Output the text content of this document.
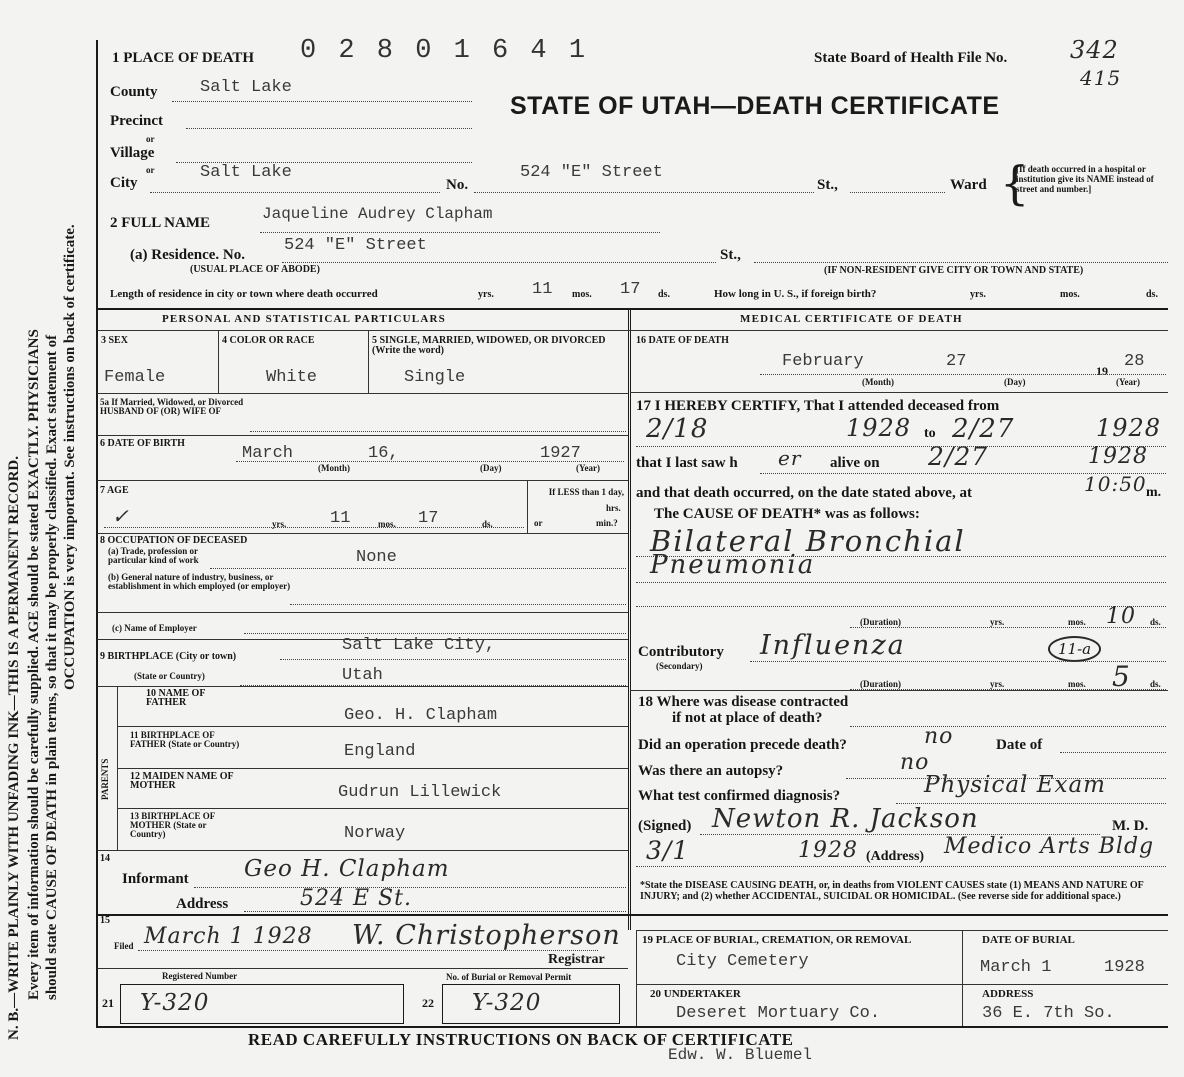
N. B.—WRITE PLAINLY WITH UNFADING INK—THIS IS A PERMANENT RECORD. Every item of information should be carefully supplied. AGE should be stated EXACTLY. PHYSICIANS should state CAUSE OF DEATH in plain terms, so that it may be properly classified. Exact statement of OCCUPATION is very important. See instructions on back of certificate.
1 PLACE OF DEATH 0 2 8 0 1 6 4 1	State Board of Health File No.	342
415
STATE OF UTAH—DEATH CERTIFICATE
County Salt Lake
Precinct
or
Village
or
City
Salt Lake
No.
524 "E" Street
St.,	Ward {
[If death occurred in a hospital or institution give its NAME instead of street and number.]
2 FULL NAME	Jaqueline Audrey Clapham
(a) Residence. No. 524 "E" Street	St.,
(USUAL PLACE OF ABODE)	(IF NON-RESIDENT GIVE CITY OR TOWN AND STATE)
Length of residence in city or town where death occurred	yrs. 11 mos. 17 ds.	How long in U. S., if foreign birth?	yrs.	mos.	ds.
PERSONAL AND STATISTICAL PARTICULARS	MEDICAL CERTIFICATE OF DEATH
3 SEX	4 COLOR OR RACE	5 SINGLE, MARRIED, WIDOWED, OR DIVORCED (Write the word)
Female	White	Single
5a If Married, Widowed, or Divorced HUSBAND OF (OR) WIFE OF
6 DATE OF BIRTH
March	16,	1927
(Month)	(Day)	(Year)
7 AGE
✓	yrs.	11	mos. 17	ds.
If LESS than 1 day,
hrs.
or	min.?
8 OCCUPATION OF DECEASED
(a) Trade, profession or particular kind of work	None
(b) General nature of industry, business, or establishment in which employed (or employer)
(c) Name of Employer
9 BIRTHPLACE (City or town)
Salt Lake City,
(State or Country)	Utah
PARENTS
10 NAME OF FATHER
Geo. H. Clapham
11 BIRTHPLACE OF FATHER (State or Country)	England
12 MAIDEN NAME OF MOTHER	Gudrun Lillewick
13 BIRTHPLACE OF MOTHER (State or Country)	Norway
14
Informant Geo H. Clapham
Address	524 E St.
15
Filed March 1 1928 W. Christopherson
Registrar
Registered Number	No. of Burial or Removal Permit
21 Y-320	22 Y-320
16 DATE OF DEATH
February	27	19 28
(Month)	(Day)	(Year)
17 I HEREBY CERTIFY, That I attended deceased from
2/18	1928 to 2/27	1928
that I last saw h er alive on 2/27	1928
and that death occurred, on the date stated above, at	10:50 m.
The CAUSE OF DEATH* was as follows:
Bilateral Bronchial
Pneumonia
(Duration)	yrs.	mos. 10 ds.
Contributory
(Secondary)
Influenza	11-a
(Duration)	yrs.	mos. 5 ds.
18 Where was disease contracted
if not at place of death?
Did an operation precede death?	no	Date of
Was there an autopsy?	no
What test confirmed diagnosis?	Physical Exam
(Signed) Newton R. Jackson	M. D.
3/1	1928 (Address) Medico Arts Bldg
*State the DISEASE CAUSING DEATH, or, in deaths from VIOLENT CAUSES state (1) MEANS AND NATURE OF INJURY; and (2) whether ACCIDENTAL, SUICIDAL OR HOMICIDAL. (See reverse side for additional space.)
19 PLACE OF BURIAL, CREMATION, OR REMOVAL
City Cemetery
DATE OF BURIAL
March 1	1928
20 UNDERTAKER
Deseret Mortuary Co.
ADDRESS
36 E. 7th So.
READ CAREFULLY INSTRUCTIONS ON BACK OF CERTIFICATE
Edw. W. Bluemel
